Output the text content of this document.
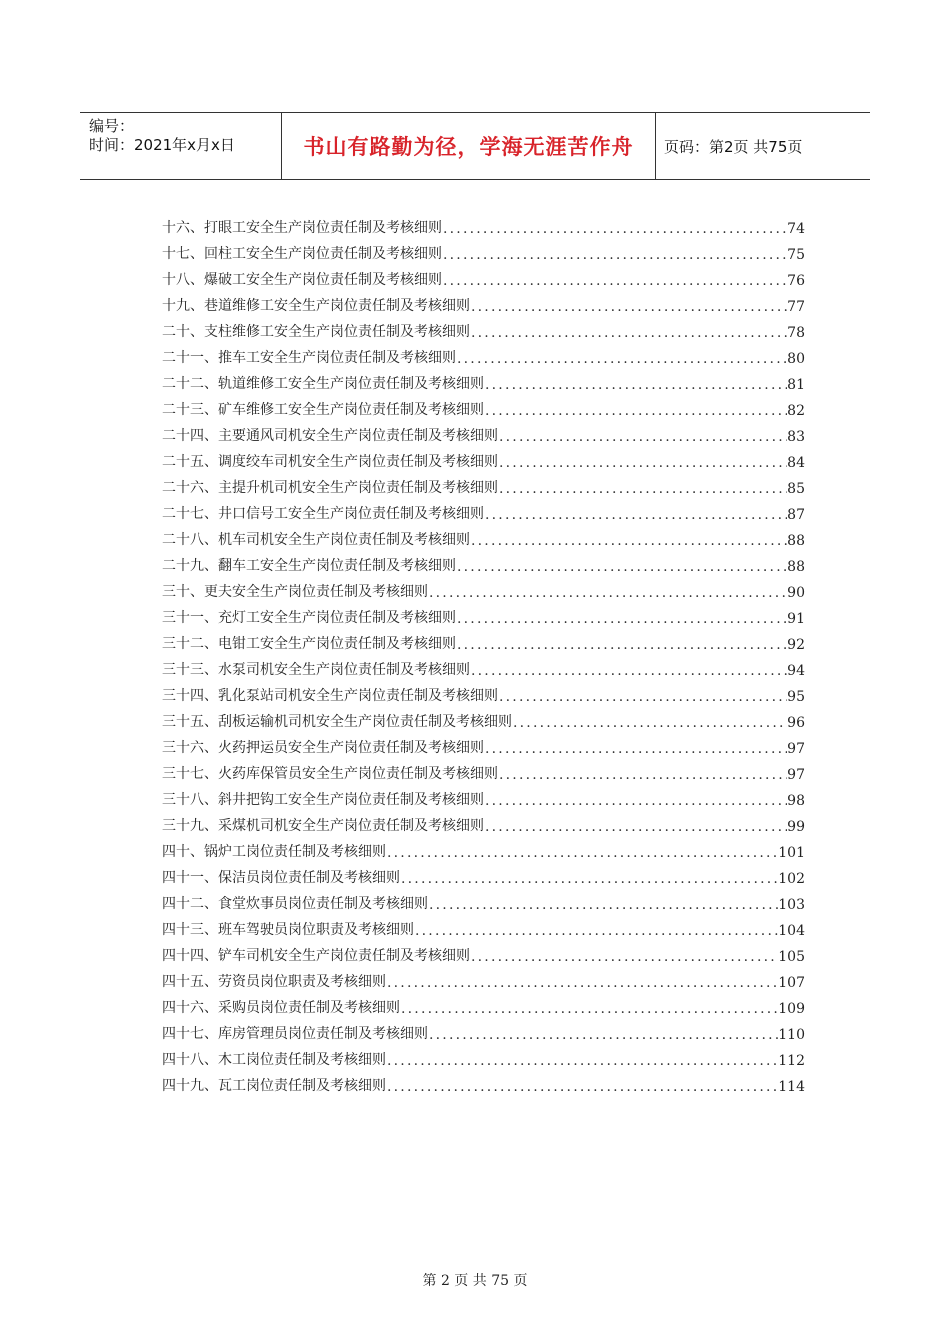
编号：
时间：2021年x月x日	书山有路勤为径，学海无涯苦作舟 页码：第2页 共75页
十六、打眼工安全生产岗位责任制及考核细则 .....	74
十七、回柱工安全生产岗位责任制及考核细则 .....	75
十八、爆破工安全生产岗位责任制及考核细则 .....	76
十九、巷道维修工安全生产岗位责任制及考核细则 .....	77
二十、支柱维修工安全生产岗位责任制及考核细则 .....	78
二十一、推车工安全生产岗位责任制及考核细则 .....	80
二十二、轨道维修工安全生产岗位责任制及考核细则 .....	81
二十三、矿车维修工安全生产岗位责任制及考核细则 .....	82
二十四、主要通风司机安全生产岗位责任制及考核细则 .....	83
二十五、调度绞车司机安全生产岗位责任制及考核细则 .....	84
二十六、主提升机司机安全生产岗位责任制及考核细则 .....	85
二十七、井口信号工安全生产岗位责任制及考核细则 .....	87
二十八、机车司机安全生产岗位责任制及考核细则 .....	88
二十九、翻车工安全生产岗位责任制及考核细则 .....	88
三十、更夫安全生产岗位责任制及考核细则 .....	90
三十一、充灯工安全生产岗位责任制及考核细则 .....	91
三十二、电钳工安全生产岗位责任制及考核细则 .....	92
三十三、水泵司机安全生产岗位责任制及考核细则 .....	94
三十四、乳化泵站司机安全生产岗位责任制及考核细则 .....	95
三十五、刮板运输机司机安全生产岗位责任制及考核细则 .....	96
三十六、火药押运员安全生产岗位责任制及考核细则 .....	97
三十七、火药库保管员安全生产岗位责任制及考核细则 .....	97
三十八、斜井把钩工安全生产岗位责任制及考核细则 .....	98
三十九、采煤机司机安全生产岗位责任制及考核细则 .....	99
四十、锅炉工岗位责任制及考核细则 .....	101
四十一、保洁员岗位责任制及考核细则 .....	102
四十二、食堂炊事员岗位责任制及考核细则 .....	103
四十三、班车驾驶员岗位职责及考核细则 .....	104
四十四、铲车司机安全生产岗位责任制及考核细则 .....	105
四十五、劳资员岗位职责及考核细则 .....	107
四十六、采购员岗位责任制及考核细则 .....	109
四十七、库房管理员岗位责任制及考核细则 .....	110
四十八、木工岗位责任制及考核细则 .....	112
四十九、瓦工岗位责任制及考核细则 .....	114
第 2 页 共 75 页
